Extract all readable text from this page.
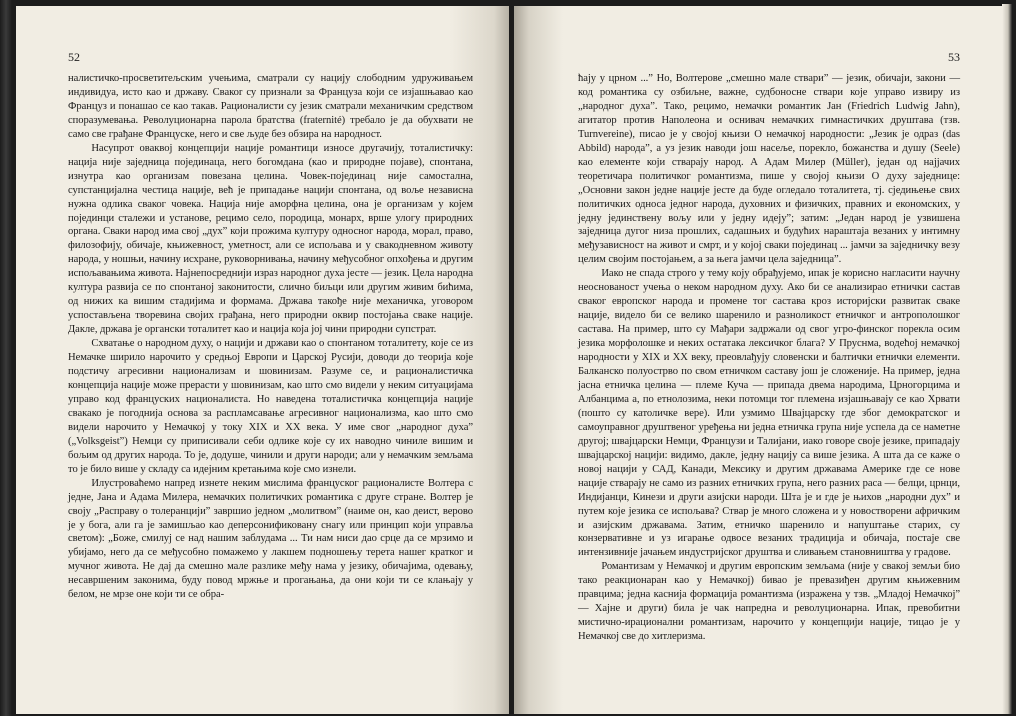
52

налистичко-просветитељским учењима, сматрали су нацију слободним удруживањем индивидуа, исто као и државу. Свакоr су признали за Француза који се изјашњавао као Француз и понашао се као такав. Рационалисти су језик сматрали механичким средством споразумевања. Револуционарна парола братства (fraternité) требало је да обухвати не само све грађане Француске, него и све људе без обзира на народност.

Насупрот оваквој концепцији нације романтици износе другачију, тоталистичку: нација није заједница појединаца, него богомдана (као и природне појаве), спонтана, изнутра као организам повезана целина. Човек-појединац није самостална, супстанцијална честица нације, већ је припадање нацији спонтана, од воље независна нужна одлика сваког човека. Нација није аморфна целина, она је организам у којем појединци сталежи и установе, рецимо село, породица, монарх, врше улогу природних органа. Сваки народ има свој „дух” који прожима културу односног народа, морал, право, филозофију, обичаје, књижевност, уметност, али се испољава и у свакодневном животу народа, у ношњи, начину исхране, руковорнивања, начину међусобног опхођења и другим испољавањима живота. Најнепосреднији израз народног духа јесте — језик. Цела народна култура развија се по спонтаној законитости, слично биљци или другим живим бићима, од нижих ка вишим стадијима и формама. Држава такође није механичка, уговором успостављена творевина својих грађана, него природни оквир постојања сваке нације. Дакле, држава је органски тоталитет као и нација која јој чини природни супстрат.

Схватање о народном духу, о нацији и држави као о спонтаном тоталитету, које се из Немачке ширило нарочито у средњој Европи и Царској Русији, доводи до теорија које подстичу агресивни национализам и шовинизам. Разуме се, и рационалистичка концепција нације може прерасти у шовинизам, као што смо видели у неким ситуацијама управо код француских националиста. Но наведена тоталистичка концепција нације свакако је погоднија основа за распламсавање агресивног национализма, као што смо видели нарочито у Немачкој у току XIX и XX века. У име свог „народног духа” („Volksgeist”) Немци су приписивали себи одлике које су их наводно чиниле вишим и бољим од других народа. То је, додуше, чинили и други народи; али у немачким земљама то је било више у складу са идејним кретањима које смо изнели.

Илустроваћемо напред изнете неким мислима француског рационалисте Волтера с једне, Јана и Адама Милера, немачких политичких романтика с друге стране. Волтер је своју „Расправу о толеранцији” завршио једном „молитвом” (наиме он, као деист, верово је у бога, али га је замишљао као деперсонификовану снагу или принцип који управља светом): „Боже, смилуј се над нашим заблудама ... Ти нам ниси дао срце да се мрзимо и убијамо, него да се међусобно помажемо у лакшем подношењу терета нашег кратког и мучног живота. Не дај да смешно мале разлике међу нама у језику, обичајима, одевању, несавршеним законима, буду повод мржње и прогањања, да они који ти се клањају у белом, не мрзе оне који ти се обра-

53

ћају у црном ...” Но, Волтерове „смешно мале ствари” — језик, обичаји, закони — код романтика су озбиљне, важне, судбоносне ствари које управо извиру из „народног духа”. Тако, рецимо, немачки романтик Јан (Friedrich Ludwig Jahn), агитатор против Наполеона и оснивач немачких гимнастичких друштава (тзв. Turnvereine), писао је у својој књизи О немачкој народности: „Језик је одраз (das Abbild) народа”, а уз језик наводи још насеље, порекло, божанства и душу (Seele) као елементе који стварају народ. А Адам Милер (Müller), један од најјачих теоретичара политичког романтизма, пише у својој књизи О духу заједнице: „Основни закон једне нације јесте да буде огледало тоталитета, тј. сједињење свих политичких односа једног народа, духовних и физичких, правних и економских, у једну јединствену вољу или у једну идеју”; затим: „Један народ је узвишена заједница дугог низа прошлих, садашњих и будућих нараштаја везаних у интимну међузависност на живот и смрт, и у којој сваки појединац ... јамчи за заједничку везу целим својим постојањем, а за њега јамчи цела заједница”.

Иако не спада строго у тему коју обрађујемо, ипак је корисно нагласити научну неоснованост учења о неком народном духу. Ако би се анализирао етнички састав сваког европског народа и промене тог састава кроз историјски развитак сваке нације, видело би се велико шаренило и разноликост етничког и антрополошког састава. На пример, што су Мађари задржали од свог угро-финског порекла осим језика морфолошке и неких остатака лексичког блага? У Пруснма, водећој немачкој народности у XIX и XX веку, преовлађују словенски и балтички етнички елементи. Балканско полуострво по свом етничком саставу још је сложеније. На пример, једна јасна етничка целина — племе Куча — припада двема народима, Црногорцима и Албанцима а, по етнолозима, неки потомци тог племена изјашњавају се као Хрвати (пошто су католичке вере). Или узмимо Швајцарску где због демократског и самоуправног друштвеног уређења ни једна етничка група није успела да се наметне другој; швајцарски Немци, Французи и Талијани, иако говоре своје језике, припадају швајцарској нацији: видимо, дакле, једну нацију са више језика. А шта да се каже о новој нацији у САД, Канади, Мексику и другим државама Америке где се нове нације стварају не само из разних етничких група, него разних раса — белци, црнци, Индијанци, Кинези и други азијски народи. Шта је и где је њихов „народни дух” и путем које језика се испољава? Ствар је много сложена и у новостворени афричким и азијским државама. Затим, етничко шаренило и напуштање старих, су конзервативне и уз игарање одвосе везаних традиција и обичаја, постаје све интензивније јачањем индустријског друштва и сливањем становништва у градове.

Романтизам у Немачкој и другим европским земљама (није у свакој земљи био тако реакционаран као у Немачкој) бивао је превазиђен другим књижевним правцима; једна каснија формација романтизма (изражена у тзв. „Младој Немачкој” — Хајне и други) била је чак напредна и револуционарна. Ипак, превобитни мистично-ирационални романтизам, нарочито у концепцији нације, тицао је у Немачкој све до хитлеризма.
